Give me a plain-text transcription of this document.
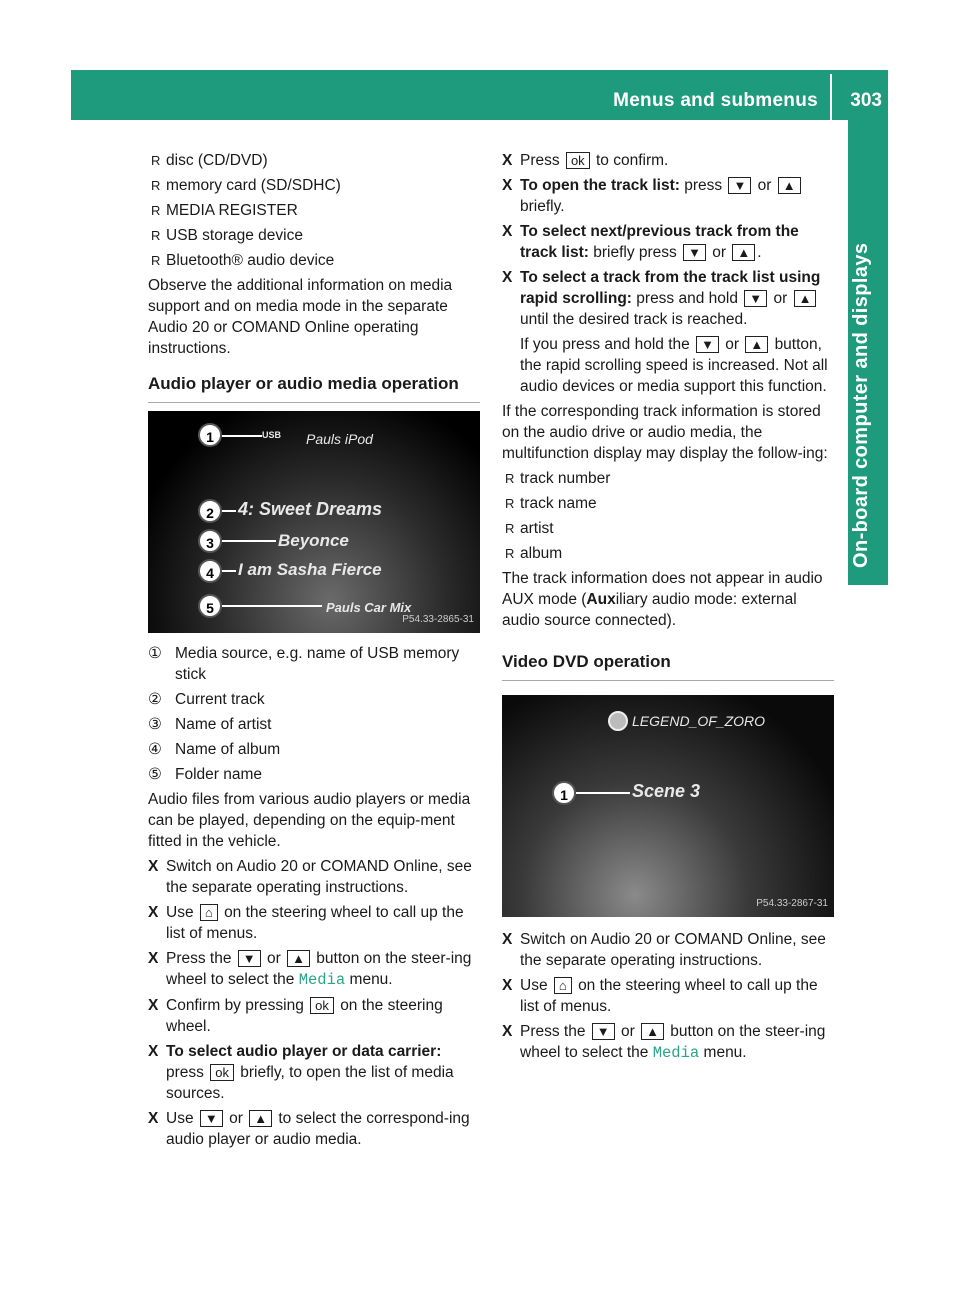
Menus and submenus 303
On-board computer and displays
R disc (CD/DVD)
R memory card (SD/SDHC)
R MEDIA REGISTER
R USB storage device
R Bluetooth® audio device

Observe the additional information on media support and on media mode in the separate Audio 20 or COMAND Online operating instructions.

Audio player or audio media operation
1	USB Pauls iPod
2	4: Sweet Dreams
3	Beyonce
4	I am Sasha Fierce
5	Pauls Car Mix
P54.33-2865-31
① Media source, e.g. name of USB memory stick
② Current track
③ Name of artist
④ Name of album
⑤ Folder name

Audio files from various audio players or media can be played, depending on the equip-ment fitted in the vehicle.

X Switch on Audio 20 or COMAND Online, see the separate operating instructions.
X Use ⌂ on the steering wheel to call up the list of menus.
X Press the ▼ or ▲ button on the steer-ing wheel to select the Media menu.
X Confirm by pressing ok on the steering wheel.
X To select audio player or data carrier: press ok briefly, to open the list of media sources.
X Use ▼ or ▲ to select the correspond-ing audio player or audio media.
X Press ok to confirm.
X To open the track list: press ▼ or ▲ briefly.
X To select next/previous track from the track list: briefly press ▼ or ▲ .
X To select a track from the track list using rapid scrolling: press and hold ▼ or ▲ until the desired track is reached.
If you press and hold the ▼ or ▲ button, the rapid scrolling speed is increased. Not all audio devices or media support this function.

If the corresponding track information is stored on the audio drive or audio media, the multifunction display may display the follow-ing:

R track number
R track name
R artist
R album

The track information does not appear in audio AUX mode (Auxiliary audio mode: external audio source connected).

Video DVD operation
LEGEND_OF_ZORO
1	Scene 3
P54.33-2867-31
X Switch on Audio 20 or COMAND Online, see the separate operating instructions.
X Use ⌂ on the steering wheel to call up the list of menus.
X Press the ▼ or ▲ button on the steer-ing wheel to select the Media menu.
